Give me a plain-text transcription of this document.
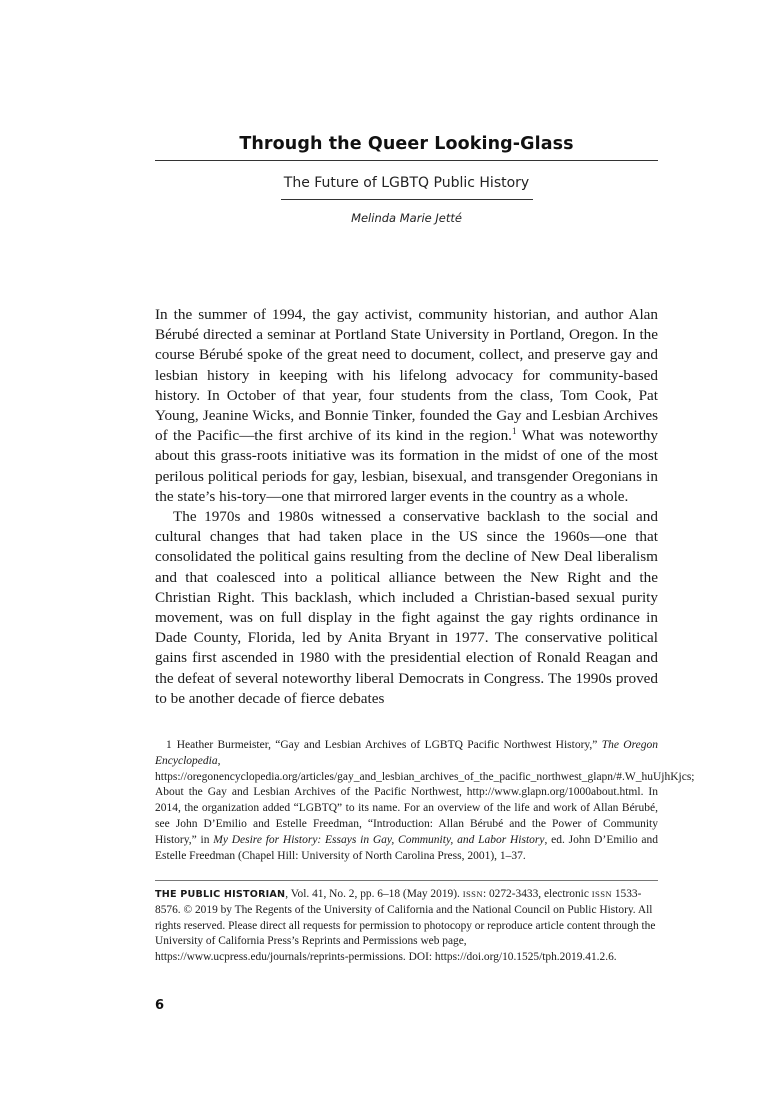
Through the Queer Looking-Glass
The Future of LGBTQ Public History
Melinda Marie Jetté

In the summer of 1994, the gay activist, community historian, and author Alan Bérubé directed a seminar at Portland State University in Portland, Oregon. In the course Bérubé spoke of the great need to document, collect, and preserve gay and lesbian history in keeping with his lifelong advocacy for community-based history. In October of that year, four students from the class, Tom Cook, Pat Young, Jeanine Wicks, and Bonnie Tinker, founded the Gay and Lesbian Archives of the Pacific—the first archive of its kind in the region.$^1$ What was noteworthy about this grass-roots initiative was its formation in the midst of one of the most perilous political periods for gay, lesbian, bisexual, and transgender Oregonians in the state’s his-tory—one that mirrored larger events in the country as a whole.

The 1970s and 1980s witnessed a conservative backlash to the social and cultural changes that had taken place in the US since the 1960s—one that consolidated the political gains resulting from the decline of New Deal liberalism and that coalesced into a political alliance between the New Right and the Christian Right. This backlash, which included a Christian-based sexual purity movement, was on full display in the fight against the gay rights ordinance in Dade County, Florida, led by Anita Bryant in 1977. The conservative political gains first ascended in 1980 with the presidential election of Ronald Reagan and the defeat of several noteworthy liberal Democrats in Congress. The 1990s proved to be another decade of fierce debates

1 Heather Burmeister, “Gay and Lesbian Archives of LGBTQ Pacific Northwest History,” The Oregon Encyclopedia, https://oregonencyclopedia.org/articles/gay_and_lesbian_archives_of_the_pacific_northwest_glapn/#.W_huUjhKjcs; About the Gay and Lesbian Archives of the Pacific Northwest, http://www.glapn.org/1000about.html. In 2014, the organization added “LGBTQ” to its name. For an overview of the life and work of Allan Bérubé, see John D’Emilio and Estelle Freedman, “Introduction: Allan Bérubé and the Power of Community History,” in My Desire for History: Essays in Gay, Community, and Labor History, ed. John D’Emilio and Estelle Freedman (Chapel Hill: University of North Carolina Press, 2001), 1–37.
THE PUBLIC HISTORIAN, Vol. 41, No. 2, pp. 6–18 (May 2019). ISSN: 0272-3433, electronic ISSN 1533-8576. © 2019 by The Regents of the University of California and the National Council on Public History. All rights reserved. Please direct all requests for permission to photocopy or reproduce article content through the University of California Press’s Reprints and Permissions web page, https://www.ucpress.edu/journals/reprints-permissions. DOI: https://doi.org/10.1525/tph.2019.41.2.6.
6
